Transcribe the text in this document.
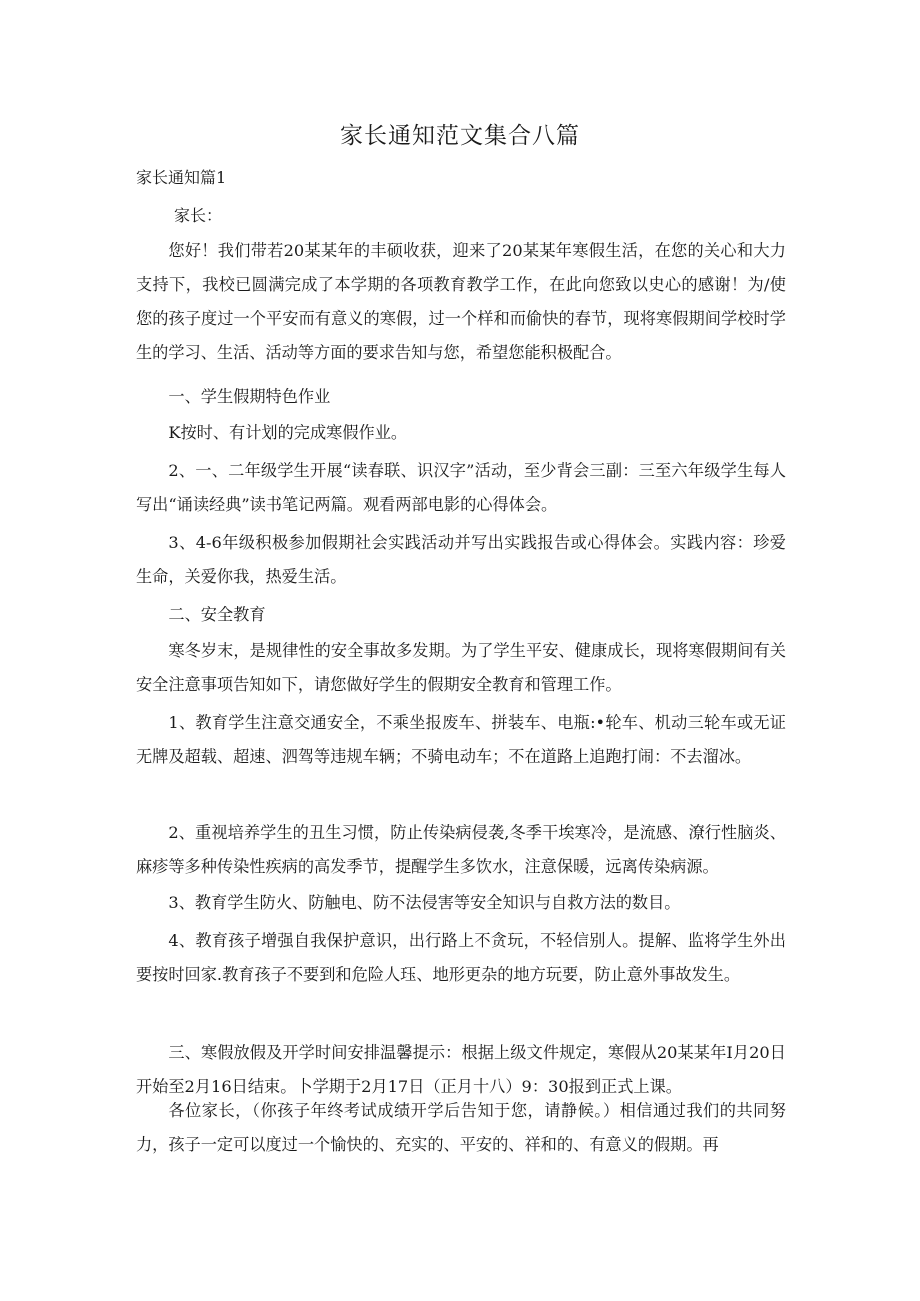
家长通知范文集合八篇
家长通知篇1

家长：

您好！我们带若20某某年的丰硕收获，迎来了20某某年寒假生活，在您的关心和大力支持下，我校已圆满完成了本学期的各项教育教学工作，在此向您致以史心的感谢！为/使您的孩子度过一个平安而有意义的寒假，过一个样和而偷快的春节，现将寒假期间学校时学生的学习、生活、活动等方面的要求告知与您，希望您能积极配合。

一、学生假期特色作业

K按时、有计划的完成寒假作业。

2、一、二年级学生开展“读春联、识汉字”活动，至少背会三副：三至六年级学生每人写出“诵读经典”读书笔记两篇。观看两部电影的心得体会。

3、4-6年级积极参加假期社会实践活动并写出实践报告或心得体会。实践内容：珍爱生命，关爱你我，热爱生活。

二、安全教育

寒冬岁末，是规律性的安全事故多发期。为了学生平安、健康成长，现将寒假期间有关安全注意事项告知如下，请您做好学生的假期安全教育和管理工作。

1、教育学生注意交通安全，不乘坐报废车、拼装车、电瓶:•轮车、机动三轮车或无证无牌及超载、超速、泗驾等违规车辆；不骑电动车；不在道路上追跑打闹：不去溜冰。

2、重视培养学生的丑生习惯，防止传染病侵袭,冬季干埃寒冷，是流感、潦行性脑炎、麻疹等多种传染性疾病的高发季节，提醒学生多饮水，注意保暖，远离传染病源。

3、教育学生防火、防触电、防不法侵害等安全知识与自救方法的数目。

4、教育孩子增强自我保护意识，出行路上不贪玩，不轻信别人。提解、监将学生外出要按时回家.教育孩子不要到和危险人珏、地形更杂的地方玩要，防止意外事故发生。

三、寒假放假及开学时间安排温馨提示：根据上级文件规定，寒假从20某某年I月20日开始至2月16日结束。卜学期于2月17日（正月十八）9：30报到正式上课。

各位家长，（你孩子年终考试成绩开学后告知于您，请静候。）相信通过我们的共同努力，孩子一定可以度过一个愉快的、充实的、平安的、祥和的、有意义的假期。再
